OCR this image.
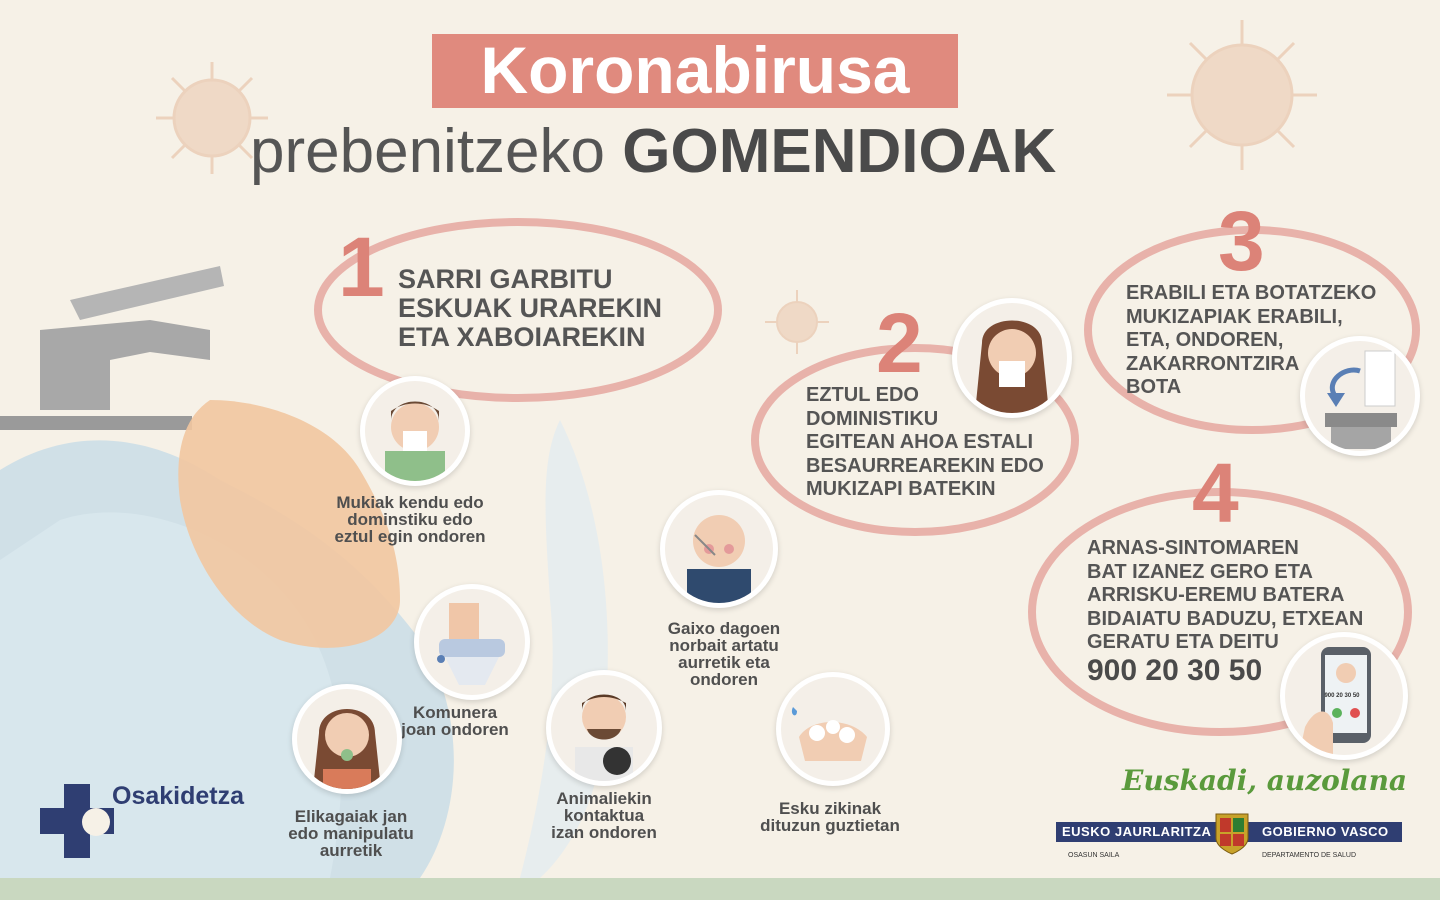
Koronabirusa
prebenitzeko GOMENDIOAK
1 SARRI GARBITU
ESKUAK URAREKIN
ETA XABOIAREKIN	2
EZTUL EDO
DOMINISTIKU
EGITEAN AHOA ESTALI
BESAURREAREKIN EDO
MUKIZAPI BATEKIN
3
ERABILI ETA BOTATZEKO
MUKIZAPIAK ERABILI,
ETA, ONDOREN,
ZAKARRONTZIRA
BOTA
4
ARNAS-SINTOMAREN
BAT IZANEZ GERO ETA
ARRISKU-EREMU BATERA
BIDAIATU BADUZU, ETXEAN
GERATU ETA DEITU
900 20 30 50
900 20 30 50
Mukiak kendu edo
dominstiku edo
eztul egin ondoren
Komunera
joan ondoren
Gaixo dagoen
norbait artatu
aurretik eta
ondoren
Elikagaiak jan
edo manipulatu
aurretik
Animaliekin
kontaktua
izan ondoren
Esku zikinak
dituzun guztietan
Osakidetza	Euskadi, auzolana
EUSKO JAURLARITZA	GOBIERNO VASCO
OSASUN SAILA	DEPARTAMENTO DE SALUD
